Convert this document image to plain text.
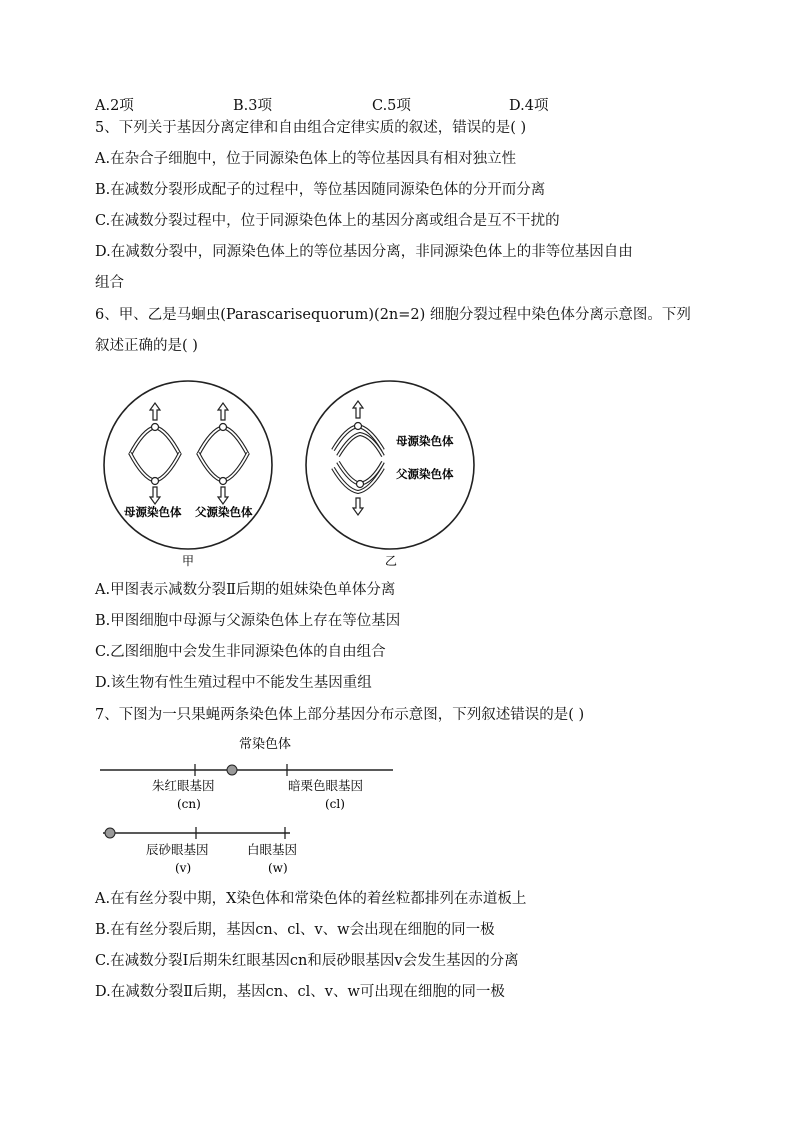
A.2项	B.3项	C.5项	D.4项
5、下列关于基因分离定律和自由组合定律实质的叙述，错误的是( )
A.在杂合子细胞中，位于同源染色体上的等位基因具有相对独立性
B.在减数分裂形成配子的过程中，等位基因随同源染色体的分开而分离
C.在减数分裂过程中，位于同源染色体上的基因分离或组合是互不干扰的
D.在减数分裂中，同源染色体上的等位基因分离，非同源染色体上的非等位基因自由
组合
6、甲、乙是马蛔虫(Parascarisequorum)(2n=2) 细胞分裂过程中染色体分离示意图。下列
叙述正确的是( )
母源染色体 父源染色体
甲
母源染色体
父源染色体
乙
A.甲图表示减数分裂Ⅱ后期的姐妹染色单体分离
B.甲图细胞中母源与父源染色体上存在等位基因
C.乙图细胞中会发生非同源染色体的自由组合
D.该生物有性生殖过程中不能发生基因重组
7、下图为一只果蝇两条染色体上部分基因分布示意图，下列叙述错误的是( )
常染色体
朱红眼基因
(cn)
暗栗色眼基因
(cl)
辰砂眼基因
(v)
白眼基因
(w)
A.在有丝分裂中期，X染色体和常染色体的着丝粒都排列在赤道板上
B.在有丝分裂后期，基因cn、cl、v、w会出现在细胞的同一极
C.在减数分裂Ⅰ后期朱红眼基因cn和辰砂眼基因v会发生基因的分离
D.在减数分裂Ⅱ后期，基因cn、cl、v、w可出现在细胞的同一极
